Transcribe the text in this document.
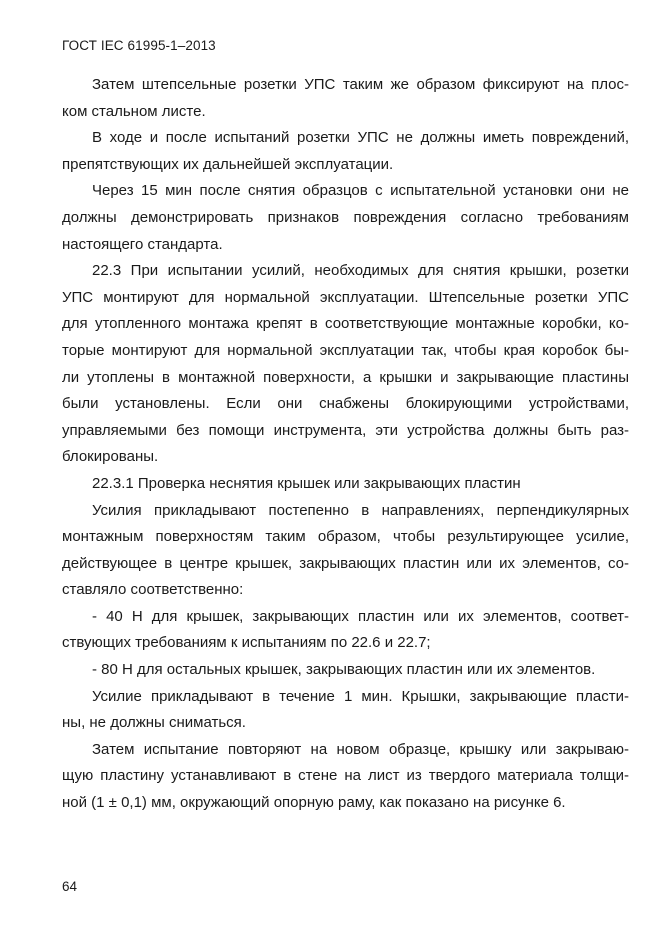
ГОСТ IEC 61995-1–2013
Затем штепсельные розетки УПС таким же образом фиксируют на плос-
ком стальном листе.
В ходе и после испытаний розетки УПС не должны иметь повреждений,
препятствующих их дальнейшей эксплуатации.
Через 15 мин после снятия образцов с испытательной установки они не
должны демонстрировать признаков повреждения согласно требованиям
настоящего стандарта.
22.3 При испытании усилий, необходимых для снятия крышки, розетки
УПС монтируют для нормальной эксплуатации. Штепсельные розетки УПС
для утопленного монтажа крепят в соответствующие монтажные коробки, ко-
торые монтируют для нормальной эксплуатации так, чтобы края коробок бы-
ли утоплены в монтажной поверхности, а крышки и закрывающие пластины
были установлены. Если они снабжены блокирующими устройствами,
управляемыми без помощи инструмента, эти устройства должны быть раз-
блокированы.
22.3.1 Проверка неснятия крышек или закрывающих пластин
Усилия прикладывают постепенно в направлениях, перпендикулярных
монтажным поверхностям таким образом, чтобы результирующее усилие,
действующее в центре крышек, закрывающих пластин или их элементов, со-
ставляло соответственно:
- 40 Н для крышек, закрывающих пластин или их элементов, соответ-
ствующих требованиям к испытаниям по 22.6 и 22.7;
- 80 Н для остальных крышек, закрывающих пластин или их элементов.
Усилие прикладывают в течение 1 мин. Крышки, закрывающие пласти-
ны, не должны сниматься.
Затем испытание повторяют на новом образце, крышку или закрываю-
щую пластину устанавливают в стене на лист из твердого материала толщи-
ной (1 ± 0,1) мм, окружающий опорную раму, как показано на рисунке 6.
64
